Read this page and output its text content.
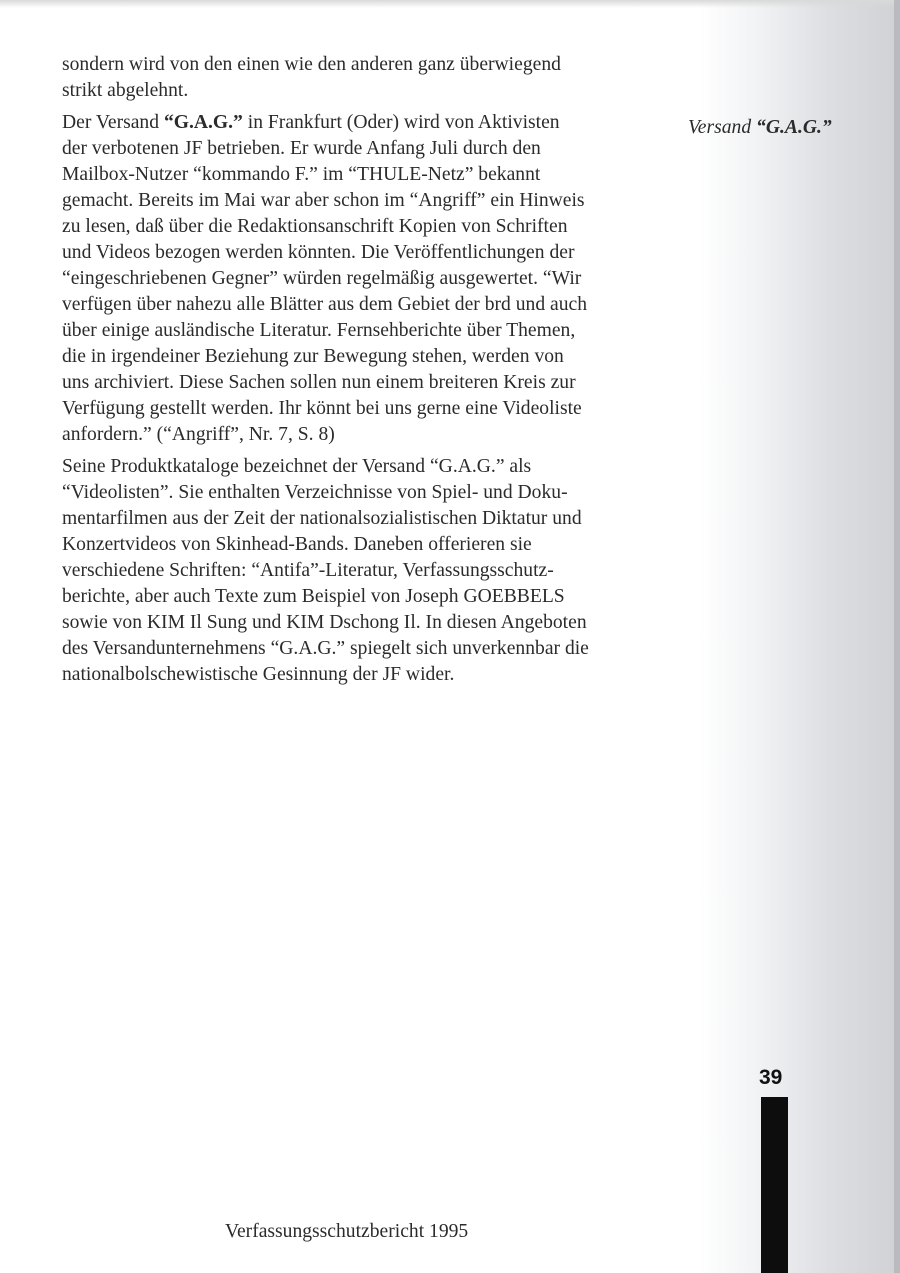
sondern wird von den einen wie den anderen ganz überwiegend
strikt abgelehnt.

Der Versand “G.A.G.” in Frankfurt (Oder) wird von Aktivisten
der verbotenen JF betrieben. Er wurde Anfang Juli durch den
Mailbox-Nutzer “kommando F.” im “THULE-Netz” bekannt
gemacht. Bereits im Mai war aber schon im “Angriff” ein Hinweis
zu lesen, daß über die Redaktionsanschrift Kopien von Schriften
und Videos bezogen werden könnten. Die Veröffentlichungen der
“eingeschriebenen Gegner” würden regelmäßig ausgewertet. “Wir
verfügen über nahezu alle Blätter aus dem Gebiet der brd und auch
über einige ausländische Literatur. Fernsehberichte über Themen,
die in irgendeiner Beziehung zur Bewegung stehen, werden von
uns archiviert. Diese Sachen sollen nun einem breiteren Kreis zur
Verfügung gestellt werden. Ihr könnt bei uns gerne eine Videoliste
anfordern.” (“Angriff”, Nr. 7, S. 8)

Seine Produktkataloge bezeichnet der Versand “G.A.G.” als
“Videolisten”. Sie enthalten Verzeichnisse von Spiel- und Doku-
mentarfilmen aus der Zeit der nationalsozialistischen Diktatur und
Konzertvideos von Skinhead-Bands. Daneben offerieren sie
verschiedene Schriften: “Antifa”-Literatur, Verfassungsschutz-
berichte, aber auch Texte zum Beispiel von Joseph GOEBBELS
sowie von KIM Il Sung und KIM Dschong Il. In diesen Angeboten
des Versandunternehmens “G.A.G.” spiegelt sich unverkennbar die
nationalbolschewistische Gesinnung der JF wider.

Versand “G.A.G.”
39
Verfassungsschutzbericht 1995
